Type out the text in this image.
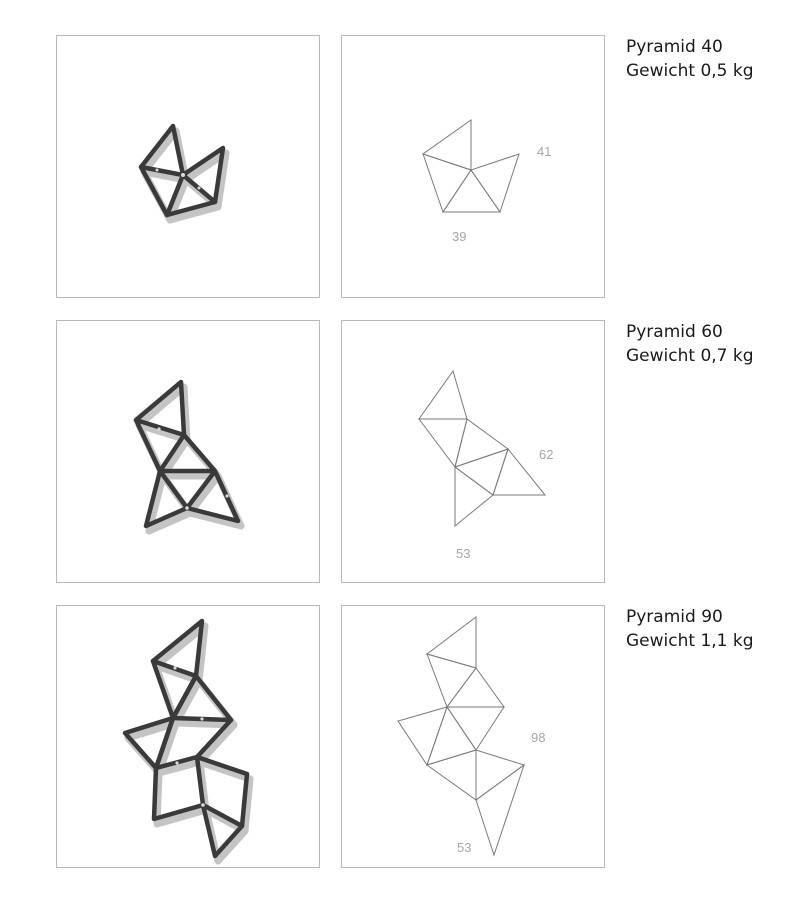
41
39
Pyramid 40
Gewicht 0,5 kg
62
53
Pyramid 60
Gewicht 0,7 kg
98
53
Pyramid 90
Gewicht 1,1 kg
